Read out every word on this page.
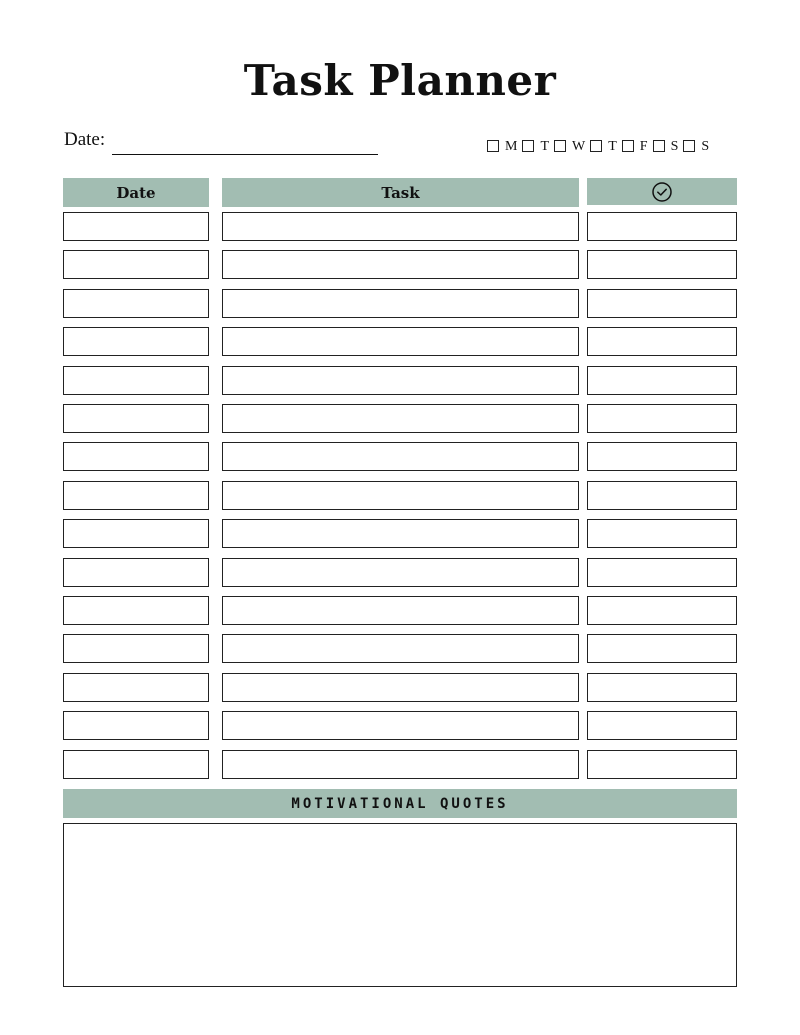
Task Planner
Date:	M T W T F S S
Date	Task
MOTIVATIONAL QUOTES
